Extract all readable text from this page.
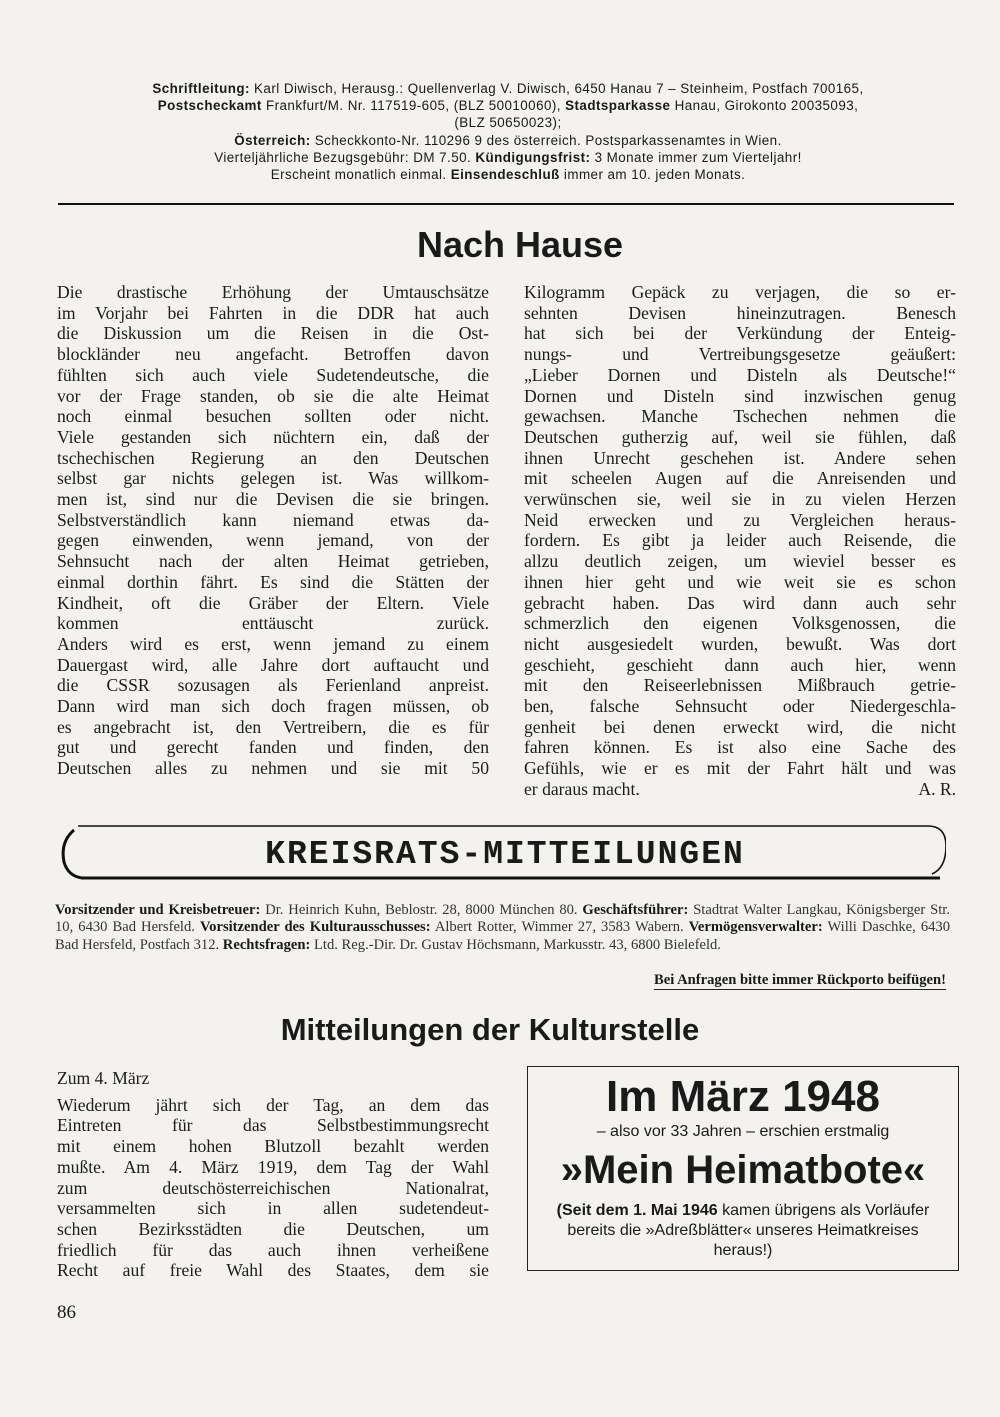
Schriftleitung: Karl Diwisch, Herausg.: Quellenverlag V. Diwisch, 6450 Hanau 7 – Steinheim, Postfach 700165,
Postscheckamt Frankfurt/M. Nr. 117519-605, (BLZ 50010060), Stadtsparkasse Hanau, Girokonto 20035093,
(BLZ 50650023);
Österreich: Scheckkonto-Nr. 110296 9 des österreich. Postsparkassenamtes in Wien.
Vierteljährliche Bezugsgebühr: DM 7.50. Kündigungsfrist: 3 Monate immer zum Vierteljahr!
Erscheint monatlich einmal. Einsendeschluß immer am 10. jeden Monats.
Nach Hause
Die drastische Erhöhung der Umtauschsätze
im Vorjahr bei Fahrten in die DDR hat auch
die Diskussion um die Reisen in die Ost-
blockländer neu angefacht. Betroffen davon
fühlten sich auch viele Sudetendeutsche, die
vor der Frage standen, ob sie die alte Heimat
noch einmal besuchen sollten oder nicht.
Viele gestanden sich nüchtern ein, daß der
tschechischen Regierung an den Deutschen
selbst gar nichts gelegen ist. Was willkom-
men ist, sind nur die Devisen die sie bringen.
Selbstverständlich kann niemand etwas da-
gegen einwenden, wenn jemand, von der
Sehnsucht nach der alten Heimat getrieben,
einmal dorthin fährt. Es sind die Stätten der
Kindheit, oft die Gräber der Eltern. Viele
kommen enttäuscht zurück.
Anders wird es erst, wenn jemand zu einem
Dauergast wird, alle Jahre dort auftaucht und
die CSSR sozusagen als Ferienland anpreist.
Dann wird man sich doch fragen müssen, ob
es angebracht ist, den Vertreibern, die es für
gut und gerecht fanden und finden, den
Deutschen alles zu nehmen und sie mit 50
Kilogramm Gepäck zu verjagen, die so er-
sehnten Devisen hineinzutragen. Benesch
hat sich bei der Verkündung der Enteig-
nungs- und Vertreibungsgesetze geäußert:
„Lieber Dornen und Disteln als Deutsche!“
Dornen und Disteln sind inzwischen genug
gewachsen. Manche Tschechen nehmen die
Deutschen gutherzig auf, weil sie fühlen, daß
ihnen Unrecht geschehen ist. Andere sehen
mit scheelen Augen auf die Anreisenden und
verwünschen sie, weil sie in zu vielen Herzen
Neid erwecken und zu Vergleichen heraus-
fordern. Es gibt ja leider auch Reisende, die
allzu deutlich zeigen, um wieviel besser es
ihnen hier geht und wie weit sie es schon
gebracht haben. Das wird dann auch sehr
schmerzlich den eigenen Volksgenossen, die
nicht ausgesiedelt wurden, bewußt. Was dort
geschieht, geschieht dann auch hier, wenn
mit den Reiseerlebnissen Mißbrauch getrie-
ben, falsche Sehnsucht oder Niedergeschla-
genheit bei denen erweckt wird, die nicht
fahren können. Es ist also eine Sache des
Gefühls, wie er es mit der Fahrt hält und was
er daraus macht.	A. R.
KREISRATS-MITTEILUNGEN
Vorsitzender und Kreisbetreuer: Dr. Heinrich Kuhn, Beblostr. 28, 8000 München 80. Geschäftsführer: Stadtrat Walter Langkau, Königsberger Str. 10, 6430 Bad Hersfeld. Vorsitzender des Kulturausschusses: Albert Rotter, Wimmer 27, 3583 Wabern. Vermögensverwalter: Willi Daschke, 6430 Bad Hersfeld, Postfach 312. Rechtsfragen: Ltd. Reg.-Dir. Dr. Gustav Höchsmann, Markusstr. 43, 6800 Bielefeld.
Bei Anfragen bitte immer Rückporto beifügen!
Mitteilungen der Kulturstelle
Zum 4. März
Wiederum jährt sich der Tag, an dem das
Eintreten für das Selbstbestimmungsrecht
mit einem hohen Blutzoll bezahlt werden
mußte. Am 4. März 1919, dem Tag der Wahl
zum deutschösterreichischen Nationalrat,
versammelten sich in allen sudetendeut-
schen Bezirksstädten die Deutschen, um
friedlich für das auch ihnen verheißene
Recht auf freie Wahl des Staates, dem sie
Im März 1948
– also vor 33 Jahren – erschien erstmalig
»Mein Heimatbote«
(Seit dem 1. Mai 1946 kamen übrigens als Vorläufer bereits die »Adreßblätter« unseres Heimatkreises heraus!)
86
